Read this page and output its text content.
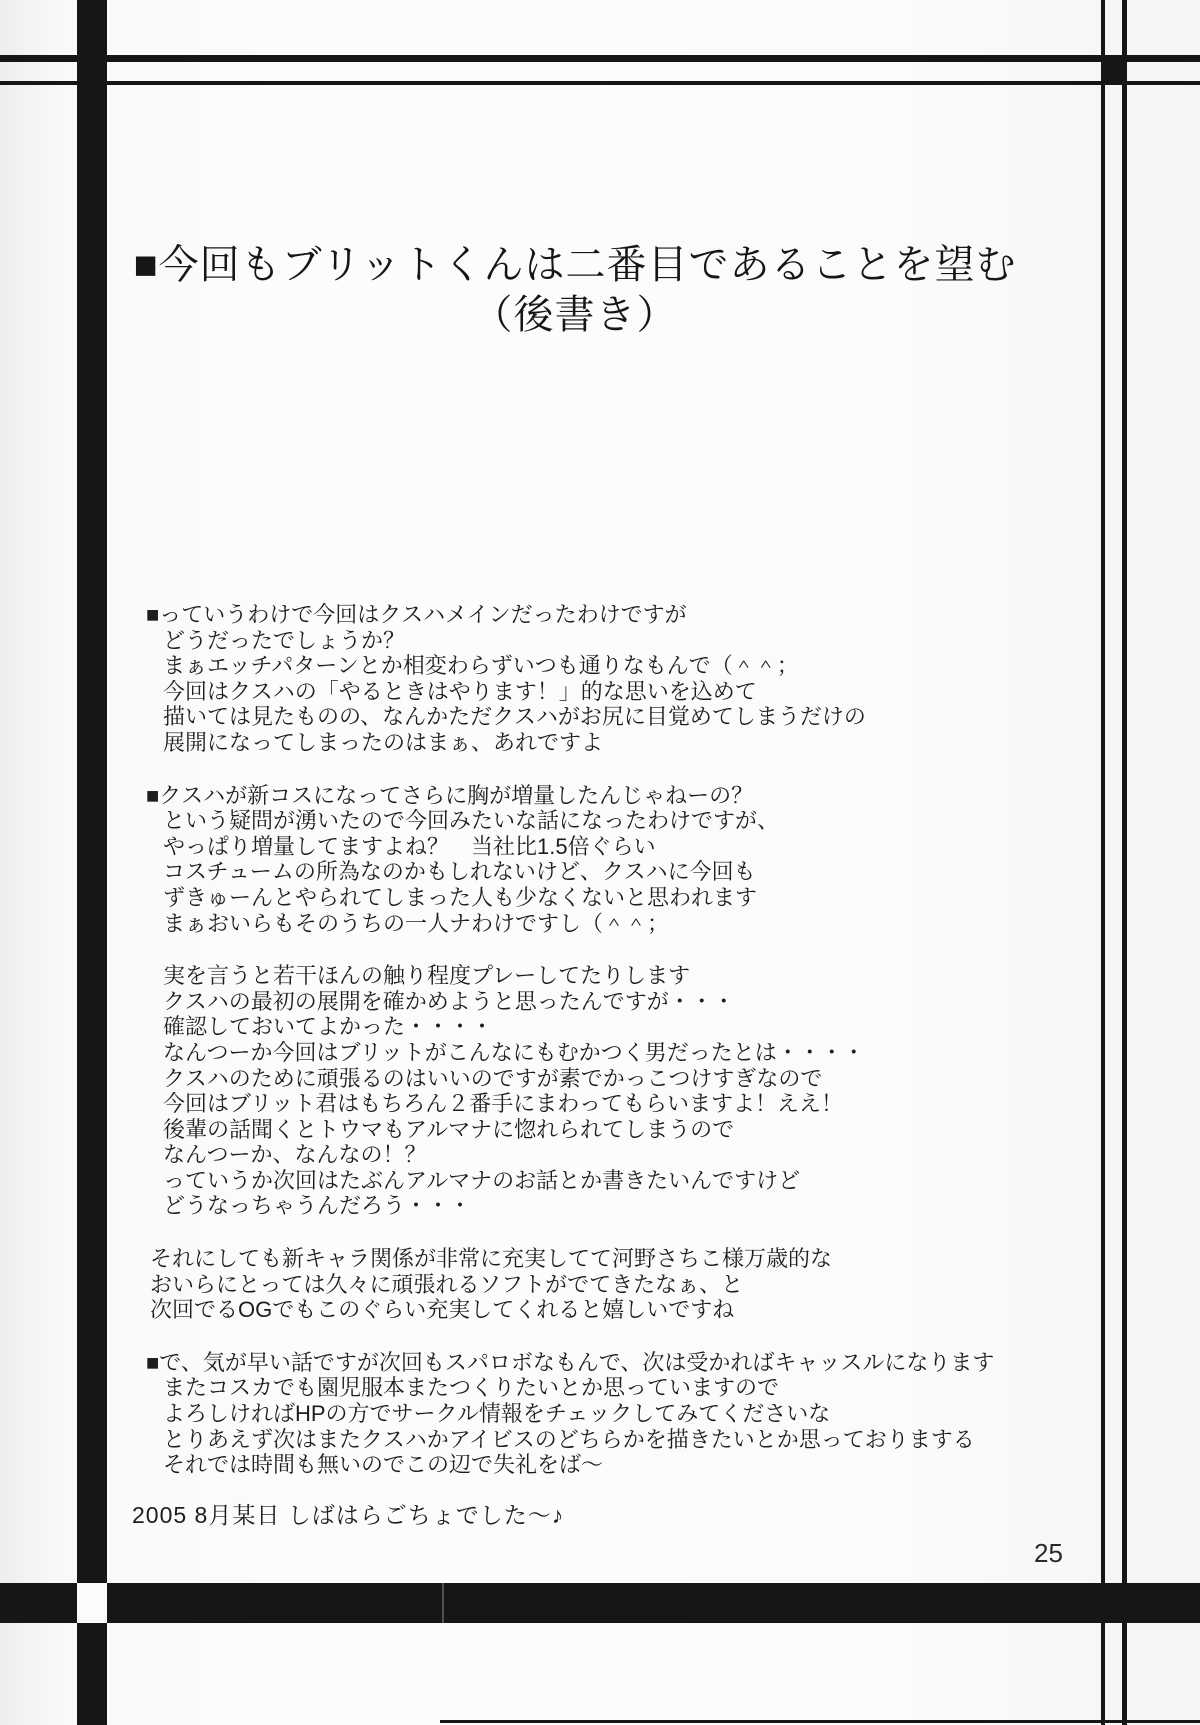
■今回もブリットくんは二番目であることを望む
（後書き）
■っていうわけで今回はクスハメインだったわけですが
どうだったでしょうか？
まぁエッチパターンとか相変わらずいつも通りなもんで（＾＾；
今回はクスハの「やるときはやります！」的な思いを込めて
描いては見たものの、なんかただクスハがお尻に目覚めてしまうだけの
展開になってしまったのはまぁ、あれですよ
■クスハが新コスになってさらに胸が増量したんじゃねーの？
という疑問が湧いたので今回みたいな話になったわけですが、
やっぱり増量してますよね？　当社比1.5倍ぐらい
コスチュームの所為なのかもしれないけど、クスハに今回も
ずきゅーんとやられてしまった人も少なくないと思われます
まぁおいらもそのうちの一人ナわけですし（＾＾；
実を言うと若干ほんの触り程度プレーしてたりします
クスハの最初の展開を確かめようと思ったんですが・・・
確認しておいてよかった・・・・
なんつーか今回はブリットがこんなにもむかつく男だったとは・・・・
クスハのために頑張るのはいいのですが素でかっこつけすぎなので
今回はブリット君はもちろん２番手にまわってもらいますよ！ええ！
後輩の話聞くとトウマもアルマナに惚れられてしまうので
なんつーか、なんなの！？
っていうか次回はたぶんアルマナのお話とか書きたいんですけど
どうなっちゃうんだろう・・・
それにしても新キャラ関係が非常に充実してて河野さちこ様万歳的な
おいらにとっては久々に頑張れるソフトがでてきたなぁ、と
次回でるOGでもこのぐらい充実してくれると嬉しいですね
■で、気が早い話ですが次回もスパロボなもんで、次は受かればキャッスルになります
またコスカでも園児服本またつくりたいとか思っていますので
よろしければHPの方でサークル情報をチェックしてみてくださいな
とりあえず次はまたクスハかアイビスのどちらかを描きたいとか思っておりまする
それでは時間も無いのでこの辺で失礼をば～
2005 8月某日 しばはらごちょでした～♪
25
